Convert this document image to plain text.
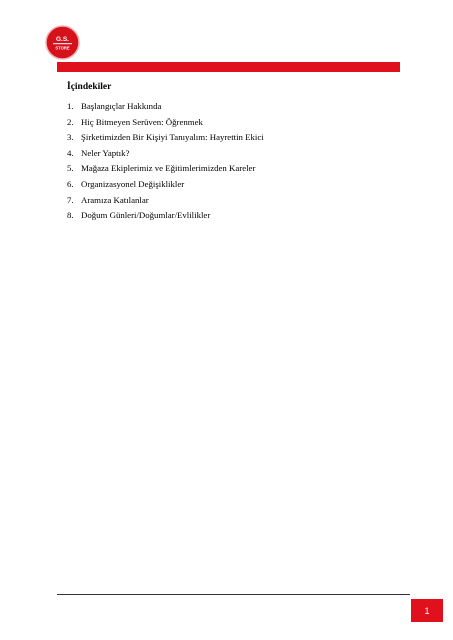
G.S.
STORE
İçindekiler
1. Başlangıçlar Hakkında
2. Hiç Bitmeyen Serüven: Öğrenmek
3. Şirketimizden Bir Kişiyi Tanıyalım: Hayrettin Ekici
4. Neler Yaptık?
5. Mağaza Ekiplerimiz ve Eğitimlerimizden Kareler
6. Organizasyonel Değişiklikler
7. Aramıza Katılanlar
8. Doğum Günleri/Doğumlar/Evlilikler
1
